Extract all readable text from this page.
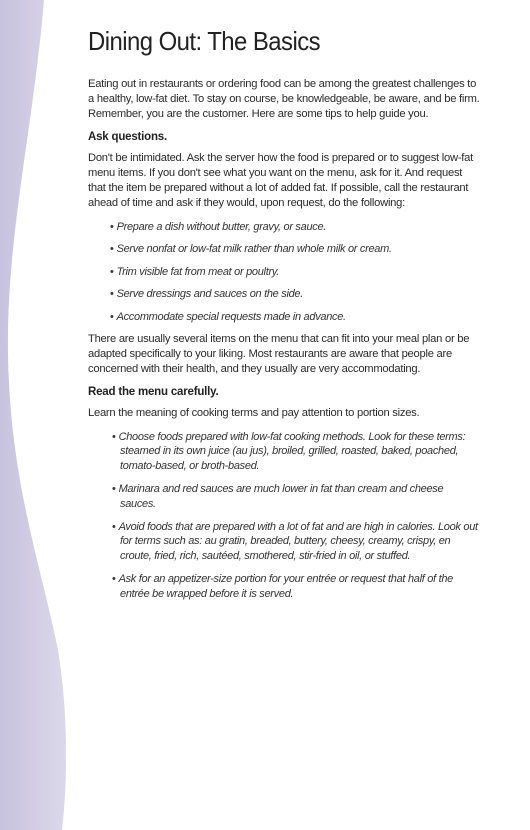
Dining Out: The Basics

Eating out in restaurants or ordering food can be among the greatest challenges to a healthy, low-fat diet. To stay on course, be knowledgeable, be aware, and be firm. Remember, you are the customer. Here are some tips to help guide you.

Ask questions.

Don't be intimidated. Ask the server how the food is prepared or to suggest low-fat menu items. If you don't see what you want on the menu, ask for it. And request that the item be prepared without a lot of added fat. If possible, call the restaurant ahead of time and ask if they would, upon request, do the following:

• Prepare a dish without butter, gravy, or sauce.
• Serve nonfat or low-fat milk rather than whole milk or cream.
• Trim visible fat from meat or poultry.
• Serve dressings and sauces on the side.
• Accommodate special requests made in advance.

There are usually several items on the menu that can fit into your meal plan or be adapted specifically to your liking. Most restaurants are aware that people are concerned with their health, and they usually are very accommodating.

Read the menu carefully.

Learn the meaning of cooking terms and pay attention to portion sizes.

• Choose foods prepared with low-fat cooking methods. Look for these terms: steamed in its own juice (au jus), broiled, grilled, roasted, baked, poached, tomato-based, or broth-based.
• Marinara and red sauces are much lower in fat than cream and cheese sauces.
• Avoid foods that are prepared with a lot of fat and are high in calories. Look out for terms such as: au gratin, breaded, buttery, cheesy, creamy, crispy, en croute, fried, rich, sautéed, smothered, stir-fried in oil, or stuffed.
• Ask for an appetizer-size portion for your entrée or request that half of the entrée be wrapped before it is served.
